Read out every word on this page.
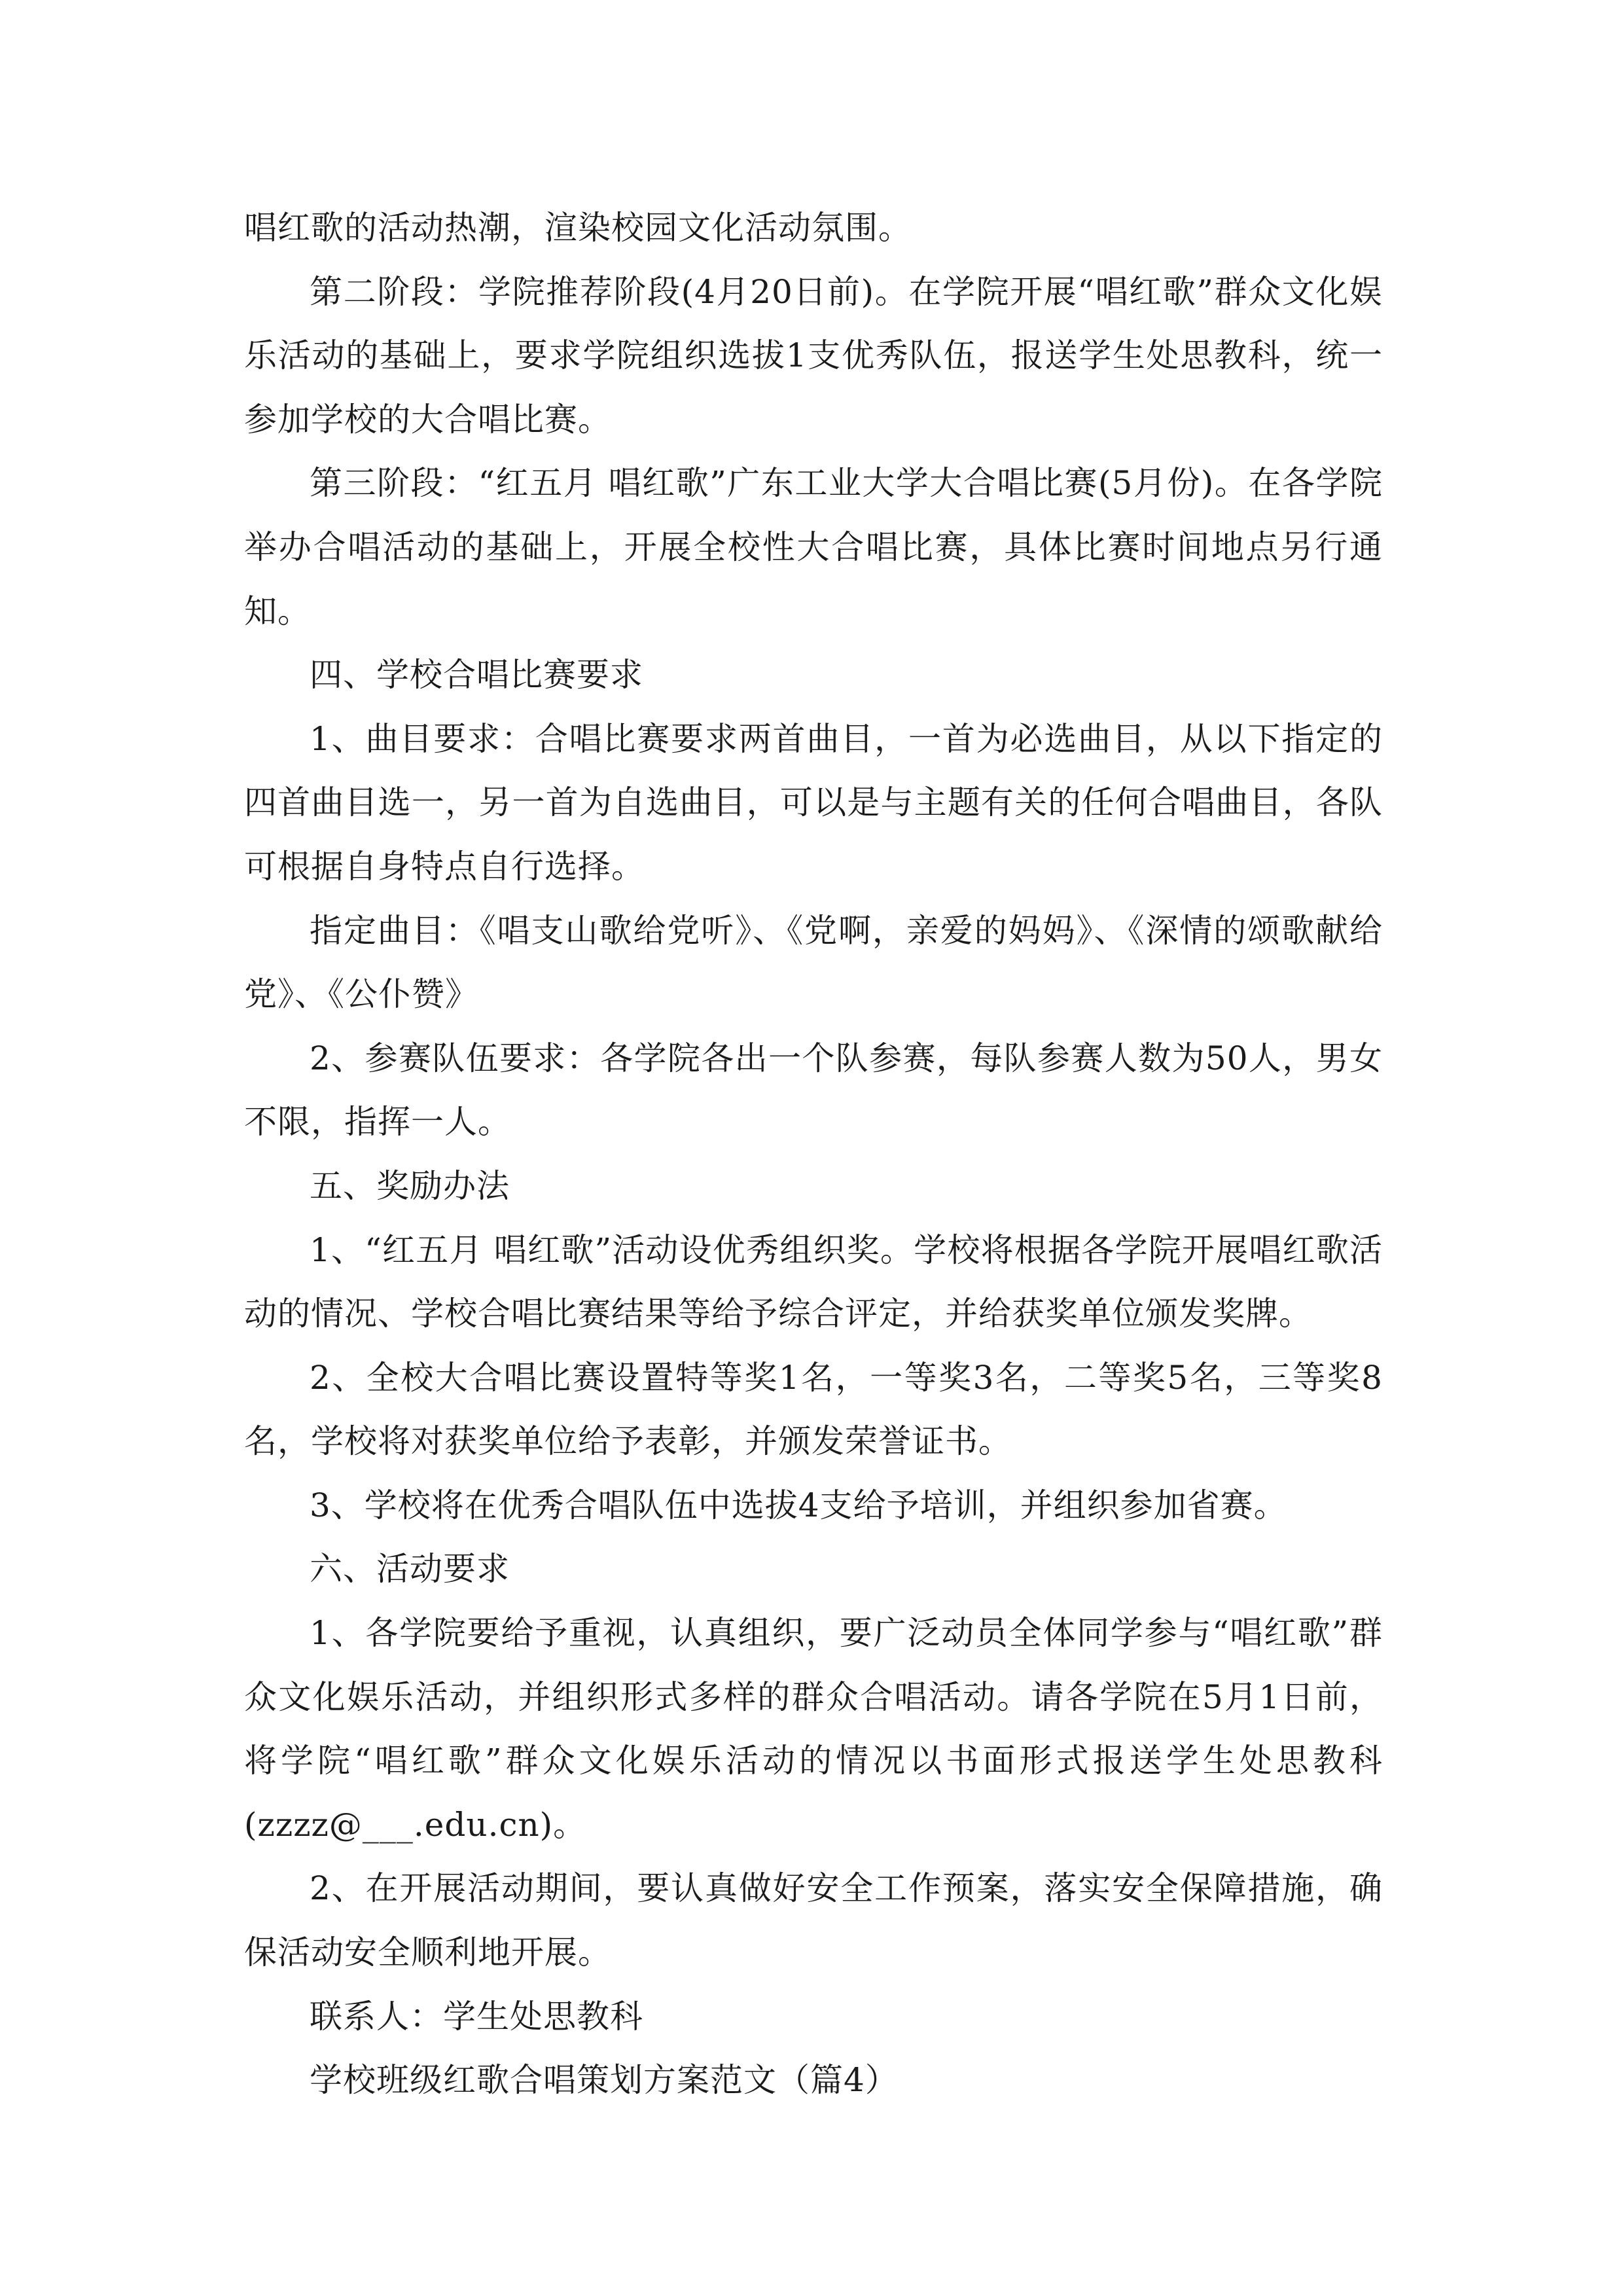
唱红歌的活动热潮，渲染校园文化活动氛围。

第二阶段：学院推荐阶段(4月20日前)。在学院开展“唱红歌”群众文化娱乐活动的基础上，要求学院组织选拔1支优秀队伍，报送学生处思教科，统一参加学校的大合唱比赛。

第三阶段：“红五月 唱红歌”广东工业大学大合唱比赛(5月份)。在各学院举办合唱活动的基础上，开展全校性大合唱比赛，具体比赛时间地点另行通知。

四、学校合唱比赛要求

1、曲目要求：合唱比赛要求两首曲目，一首为必选曲目，从以下指定的四首曲目选一，另一首为自选曲目，可以是与主题有关的任何合唱曲目，各队可根据自身特点自行选择。

指定曲目：《唱支山歌给党听》、《党啊，亲爱的妈妈》、《深情的颂歌献给党》、《公仆赞》

2、参赛队伍要求：各学院各出一个队参赛，每队参赛人数为50人，男女不限，指挥一人。

五、奖励办法

1、“红五月 唱红歌”活动设优秀组织奖。学校将根据各学院开展唱红歌活动的情况、学校合唱比赛结果等给予综合评定，并给获奖单位颁发奖牌。

2、全校大合唱比赛设置特等奖1名，一等奖3名，二等奖5名，三等奖8名，学校将对获奖单位给予表彰，并颁发荣誉证书。

3、学校将在优秀合唱队伍中选拔4支给予培训，并组织参加省赛。

六、活动要求

1、各学院要给予重视，认真组织，要广泛动员全体同学参与“唱红歌”群众文化娱乐活动，并组织形式多样的群众合唱活动。请各学院在5月1日前，将学院“唱红歌”群众文化娱乐活动的情况以书面形式报送学生处思教科(zzzz@___.edu.cn)。

2、在开展活动期间，要认真做好安全工作预案，落实安全保障措施，确保活动安全顺利地开展。

联系人：学生处思教科

学校班级红歌合唱策划方案范文（篇4）
